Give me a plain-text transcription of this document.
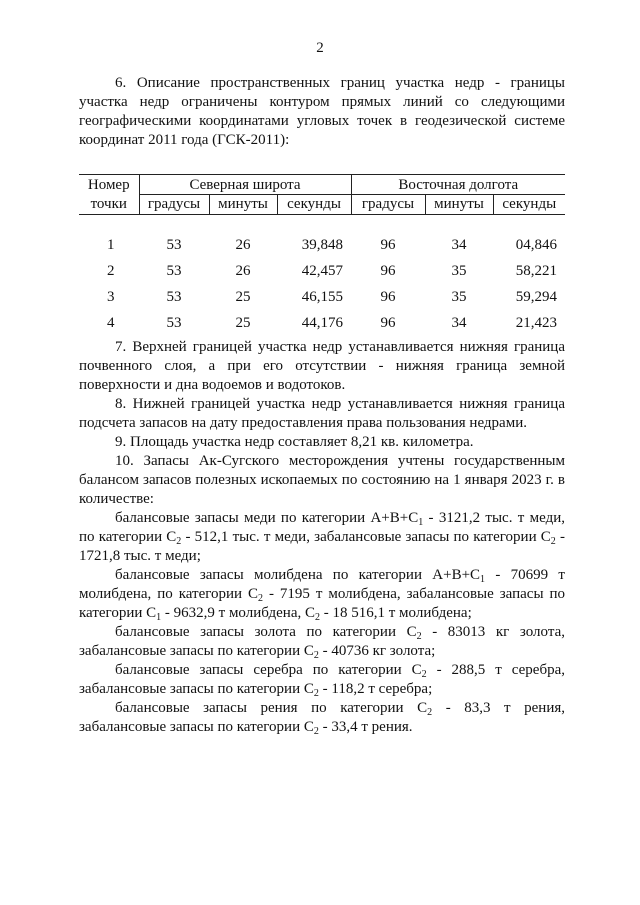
2
6. Описание пространственных границ участка недр - границы участка недр ограничены контуром прямых линий со следующими географическими координатами угловых точек в геодезической системе координат 2011 года (ГСК-2011):
Номер	Северная широта			Восточная долгота		
точки	градусы	минуты	секунды	градусы	минуты	секунды

1	53	26	39,848	96	34	04,846
2	53	26	42,457	96	35	58,221
3	53	25	46,155	96	35	59,294
4	53	25	44,176	96	34	21,423
7. Верхней границей участка недр устанавливается нижняя граница почвенного слоя, а при его отсутствии - нижняя граница земной поверхности и дна водоемов и водотоков.
8. Нижней границей участка недр устанавливается нижняя граница подсчета запасов на дату предоставления права пользования недрами.
9. Площадь участка недр составляет 8,21 кв. километра.
10. Запасы Ак-Сугского месторождения учтены государственным балансом запасов полезных ископаемых по состоянию на 1 января 2023 г. в количестве:
балансовые запасы меди по категории $А+В+С_1 - 3121,2$ тыс. т меди, по категории $С_2 - 512,1$ тыс. т меди, забалансовые запасы по категории $С_2 - 1721,8$ тыс. т меди;
балансовые запасы молибдена по категории $А+В+С_1 - 70699$ т молибдена, по категории $С_2 - 7195$ т молибдена, забалансовые запасы по категории $С_1 - 9632,9$ т молибдена, $С_2 - 18$ 516,1 т молибдена;
балансовые запасы золота по категории $С_2 - 83013$ кг золота, забалансовые запасы по категории $С_2 - 40736$ кг золота;
балансовые запасы серебра по категории $С_2 - 288,5$ т серебра, забалансовые запасы по категории $С_2 - 118,2$ т серебра;
балансовые запасы рения по категории $С_2 - 83,3$ т рения, забалансовые запасы по категории $С_2 - 33,4$ т рения.
